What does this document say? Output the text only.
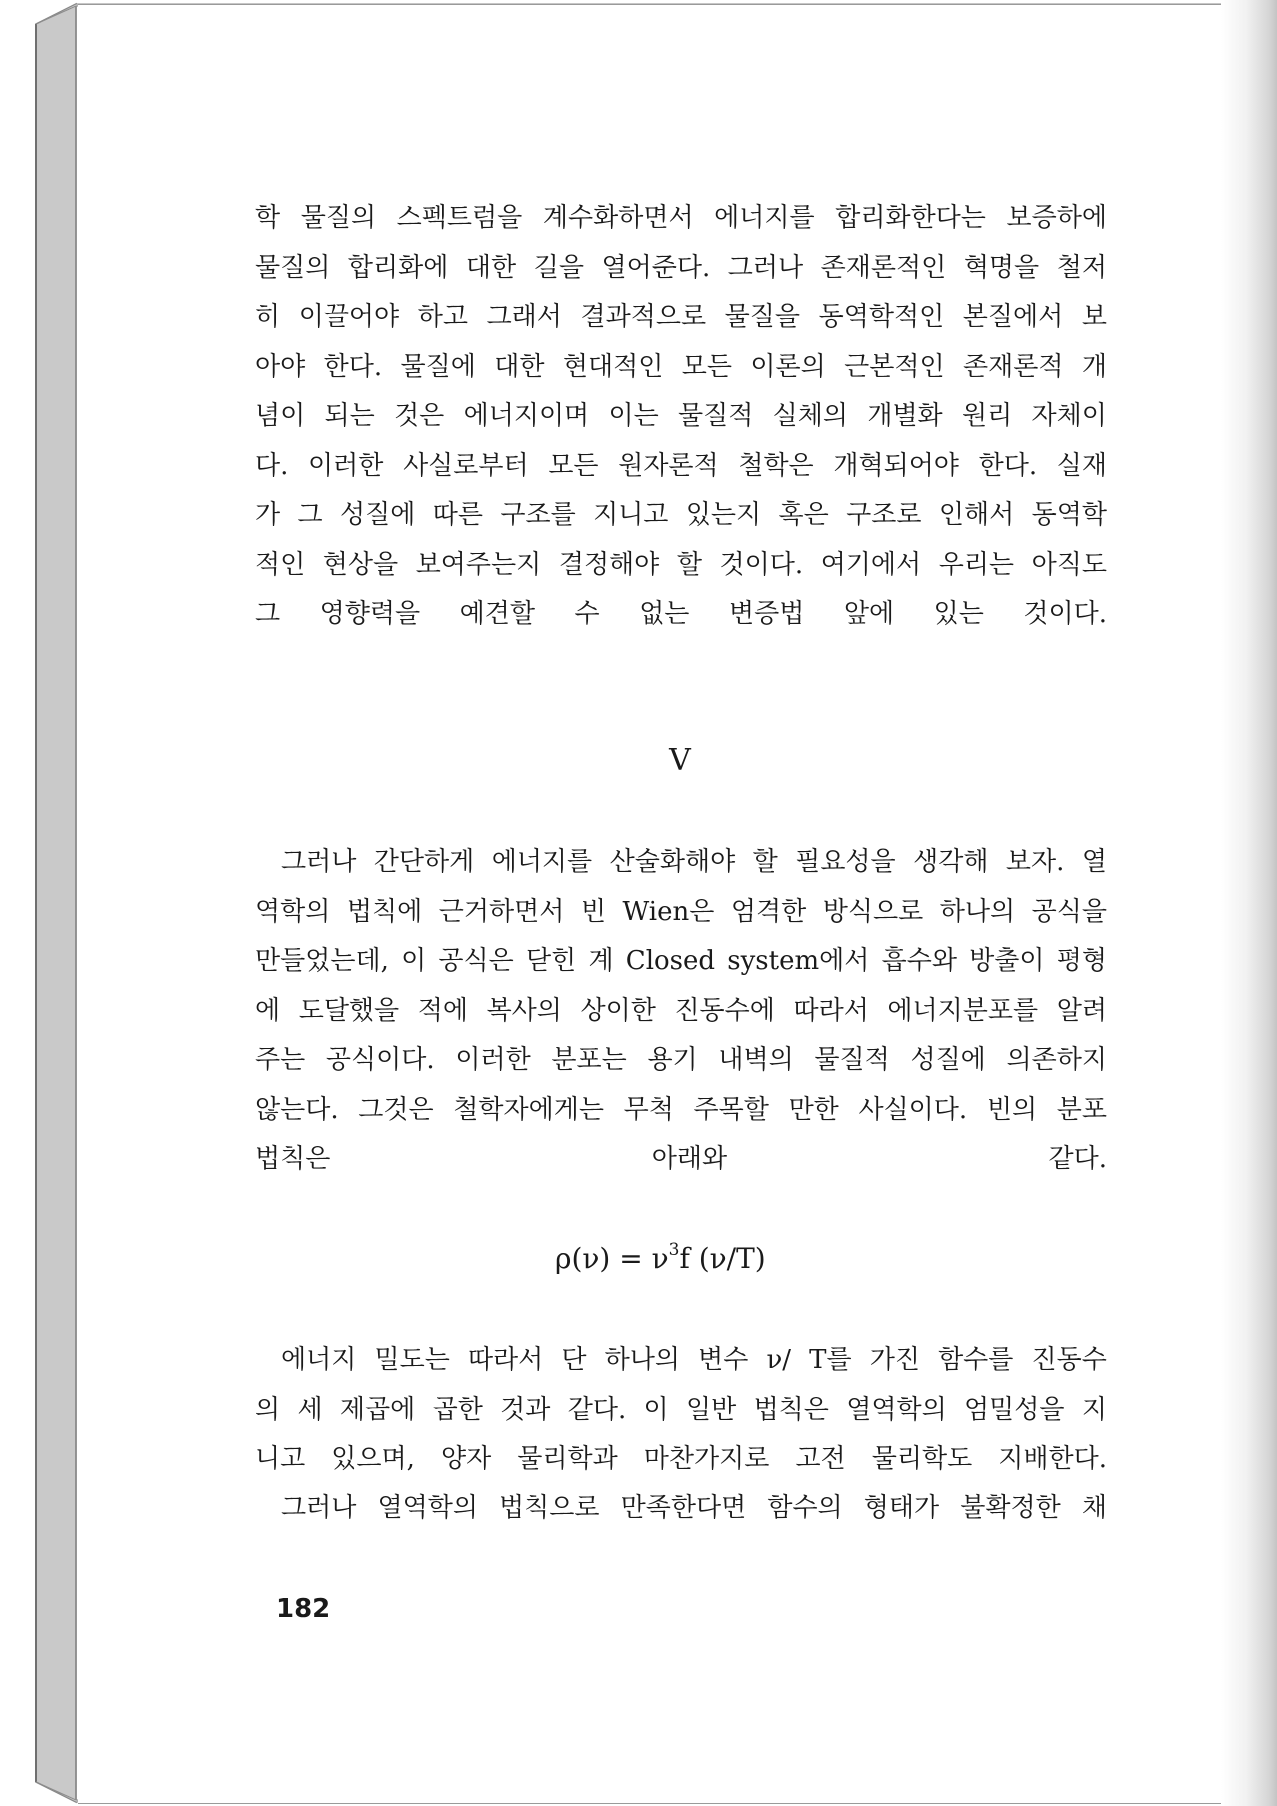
학 물질의 스펙트럼을 계수화하면서 에너지를 합리화한다는 보증하에
물질의 합리화에 대한 길을 열어준다. 그러나 존재론적인 혁명을 철저
히 이끌어야 하고 그래서 결과적으로 물질을 동역학적인 본질에서 보
아야 한다. 물질에 대한 현대적인 모든 이론의 근본적인 존재론적 개
념이 되는 것은 에너지이며 이는 물질적 실체의 개별화 원리 자체이
다. 이러한 사실로부터 모든 원자론적 철학은 개혁되어야 한다. 실재
가 그 성질에 따른 구조를 지니고 있는지 혹은 구조로 인해서 동역학
적인 현상을 보여주는지 결정해야 할 것이다. 여기에서 우리는 아직도
그 영향력을 예견할 수 없는 변증법 앞에 있는 것이다.
V
　그러나 간단하게 에너지를 산술화해야 할 필요성을 생각해 보자. 열
역학의 법칙에 근거하면서 빈 Wien은 엄격한 방식으로 하나의 공식을
만들었는데, 이 공식은 닫힌 계 Closed system에서 흡수와 방출이 평형
에 도달했을 적에 복사의 상이한 진동수에 따라서 에너지분포를 알려
주는 공식이다. 이러한 분포는 용기 내벽의 물질적 성질에 의존하지
않는다. 그것은 철학자에게는 무척 주목할 만한 사실이다. 빈의 분포
법칙은 아래와 같다.
$\rho(\nu) = \nu^3f$ (ν/T)
　에너지 밀도는 따라서 단 하나의 변수 ν/ T를 가진 함수를 진동수
의 세 제곱에 곱한 것과 같다. 이 일반 법칙은 열역학의 엄밀성을 지
니고 있으며, 양자 물리학과 마찬가지로 고전 물리학도 지배한다.
　그러나 열역학의 법칙으로 만족한다면 함수의 형태가 불확정한 채
182
